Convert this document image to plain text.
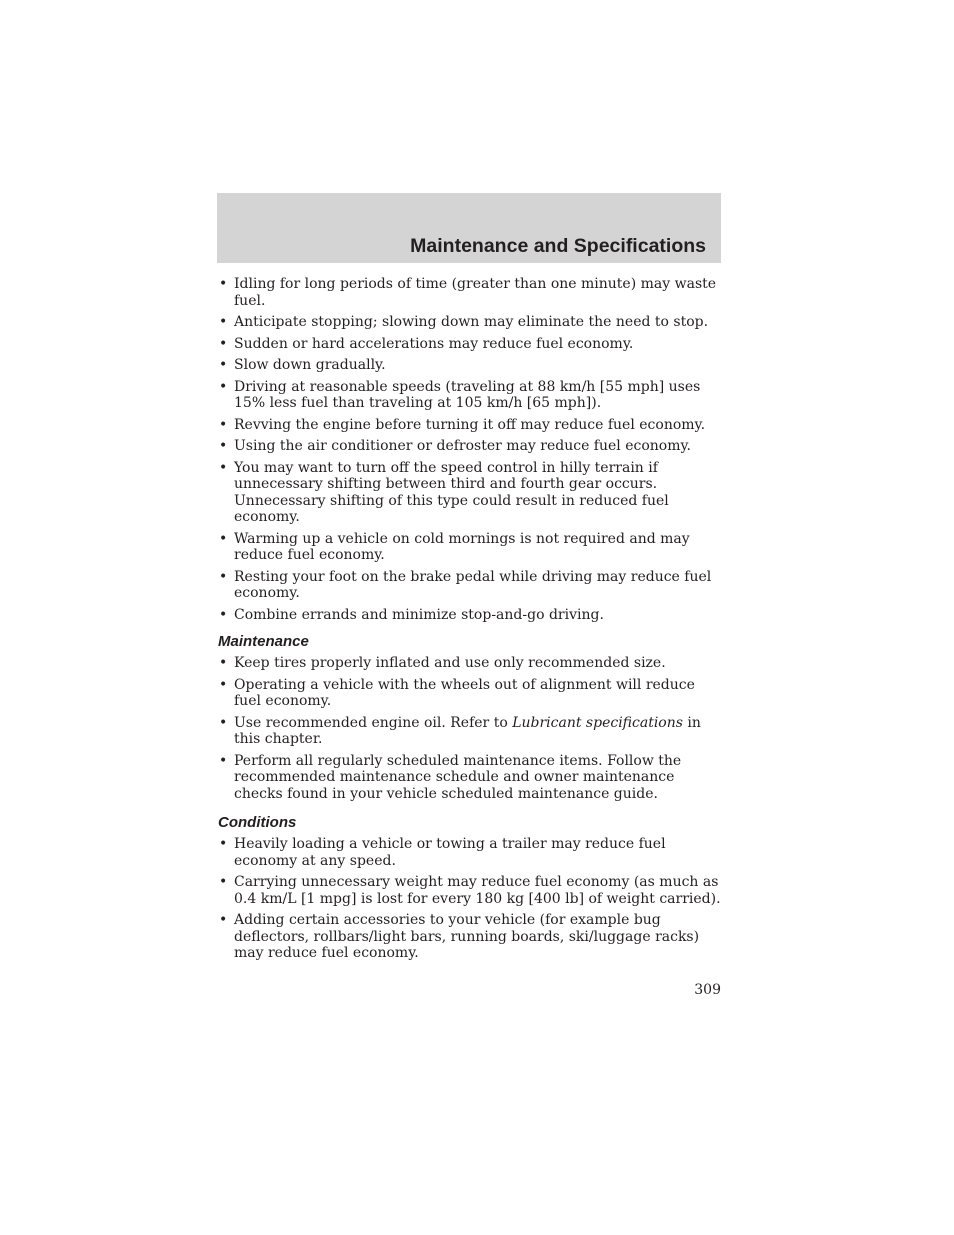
Maintenance and Specifications
• Idling for long periods of time (greater than one minute) may waste fuel.
• Anticipate stopping; slowing down may eliminate the need to stop.
• Sudden or hard accelerations may reduce fuel economy.
• Slow down gradually.
• Driving at reasonable speeds (traveling at 88 km/h [55 mph] uses 15% less fuel than traveling at 105 km/h [65 mph]).
• Revving the engine before turning it off may reduce fuel economy.
• Using the air conditioner or defroster may reduce fuel economy.
• You may want to turn off the speed control in hilly terrain if unnecessary shifting between third and fourth gear occurs. Unnecessary shifting of this type could result in reduced fuel economy.
• Warming up a vehicle on cold mornings is not required and may reduce fuel economy.
• Resting your foot on the brake pedal while driving may reduce fuel economy.
• Combine errands and minimize stop-and-go driving.
Maintenance
• Keep tires properly inflated and use only recommended size.
• Operating a vehicle with the wheels out of alignment will reduce fuel economy.
• Use recommended engine oil. Refer to Lubricant specifications in this chapter.
• Perform all regularly scheduled maintenance items. Follow the recommended maintenance schedule and owner maintenance checks found in your vehicle scheduled maintenance guide.
Conditions
• Heavily loading a vehicle or towing a trailer may reduce fuel economy at any speed.
• Carrying unnecessary weight may reduce fuel economy (as much as 0.4 km/L [1 mpg] is lost for every 180 kg [400 lb] of weight carried).
• Adding certain accessories to your vehicle (for example bug deflectors, rollbars/light bars, running boards, ski/luggage racks) may reduce fuel economy.
309
